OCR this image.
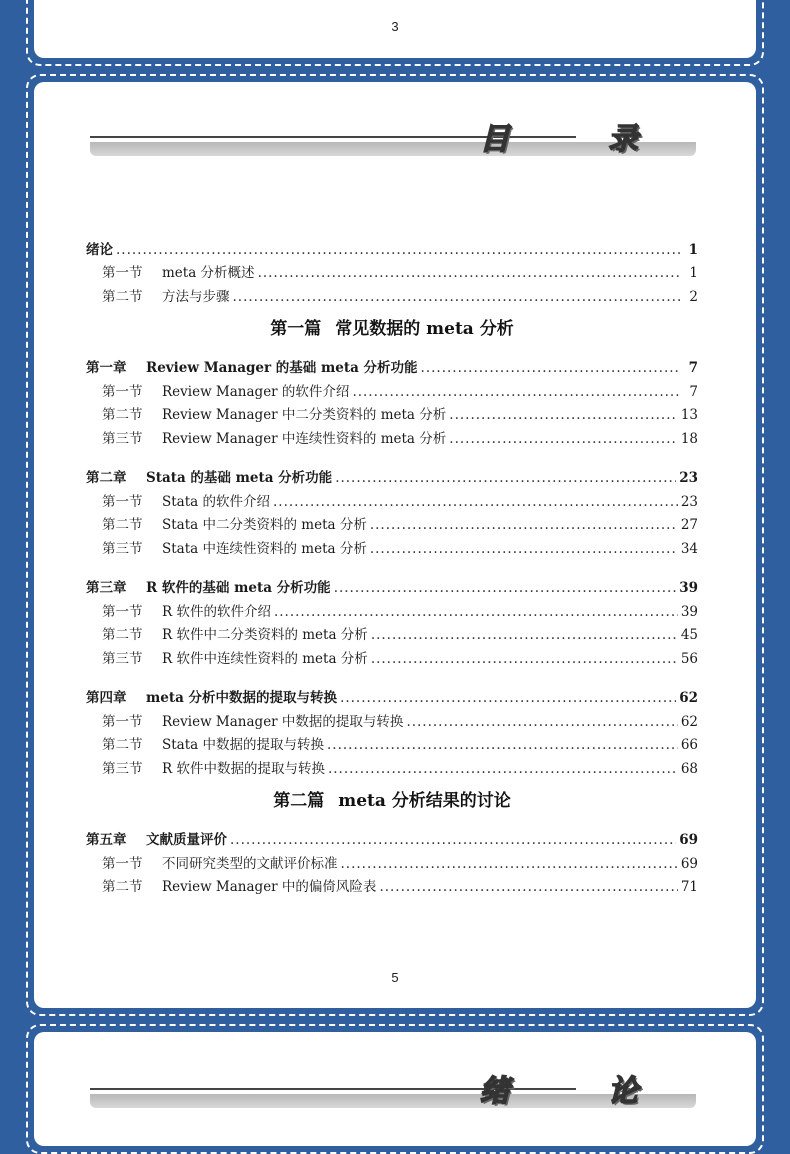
3
目 录
绪论 .....	1
第一节	meta 分析概述 .....	1
第二节	方法与步骤 .....	2
第一篇 常见数据的 meta 分析
第一章	Review Manager 的基础 meta 分析功能 .....	7
第一节	Review Manager 的软件介绍 .....	7
第二节	Review Manager 中二分类资料的 meta 分析 .....	13
第三节	Review Manager 中连续性资料的 meta 分析 .....	18
第二章	Stata 的基础 meta 分析功能 .....	23
第一节	Stata 的软件介绍 .....	23
第二节	Stata 中二分类资料的 meta 分析 .....	27
第三节	Stata 中连续性资料的 meta 分析 .....	34
第三章	R 软件的基础 meta 分析功能 .....	39
第一节	R 软件的软件介绍 .....	39
第二节	R 软件中二分类资料的 meta 分析 .....	45
第三节	R 软件中连续性资料的 meta 分析 .....	56
第四章	meta 分析中数据的提取与转换 .....	62
第一节	Review Manager 中数据的提取与转换 .....	62
第二节	Stata 中数据的提取与转换 .....	66
第三节	R 软件中数据的提取与转换 .....	68
第二篇 meta 分析结果的讨论
第五章	文献质量评价 .....	69
第一节	不同研究类型的文献评价标准 .....	69
第二节	Review Manager 中的偏倚风险表 .....	71
5
绪 论
